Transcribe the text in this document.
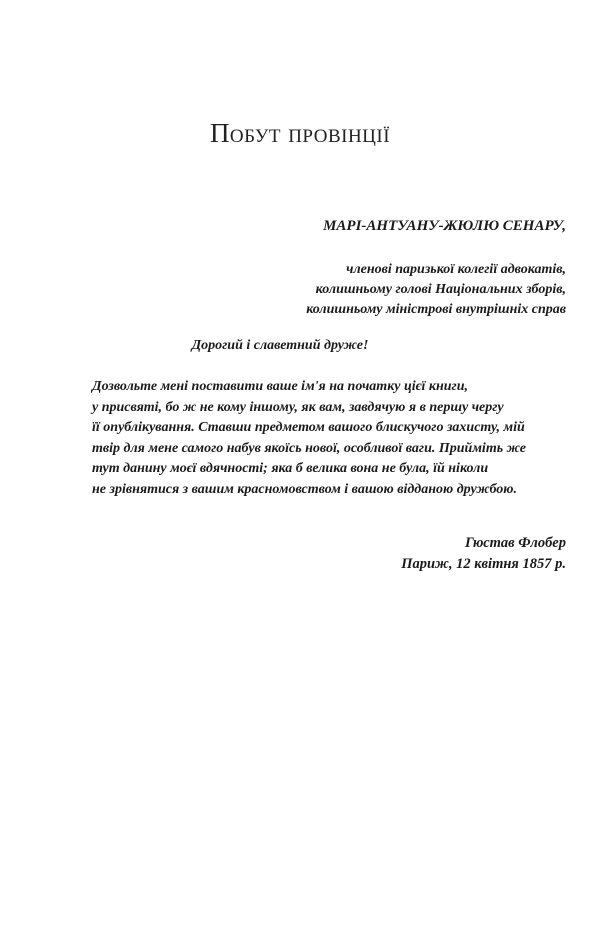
Побут провінції
МАРІ-АНТУАНУ-ЖЮЛЮ СЕНАРУ,
членові паризької колегії адвокатів,
колишньому голові Національних зборів,
колишньому міністрові внутрішніх справ
Дорогий і славетний друже!
Дозвольте мені поставити ваше ім'я на початку цієї книги,
у присвяті, бо ж не кому іншому, як вам, завдячую я в першу чергу
її опублікування. Ставши предметом вашого блискучого захисту, мій
твір для мене самого набув якоїсь нової, особливої ваги. Прийміть же
тут данину моєї вдячності; яка б велика вона не була, їй ніколи
не зрівнятися з вашим красномовством і вашою відданою дружбою.
Гюстав Флобер
Париж, 12 квітня 1857 р.
